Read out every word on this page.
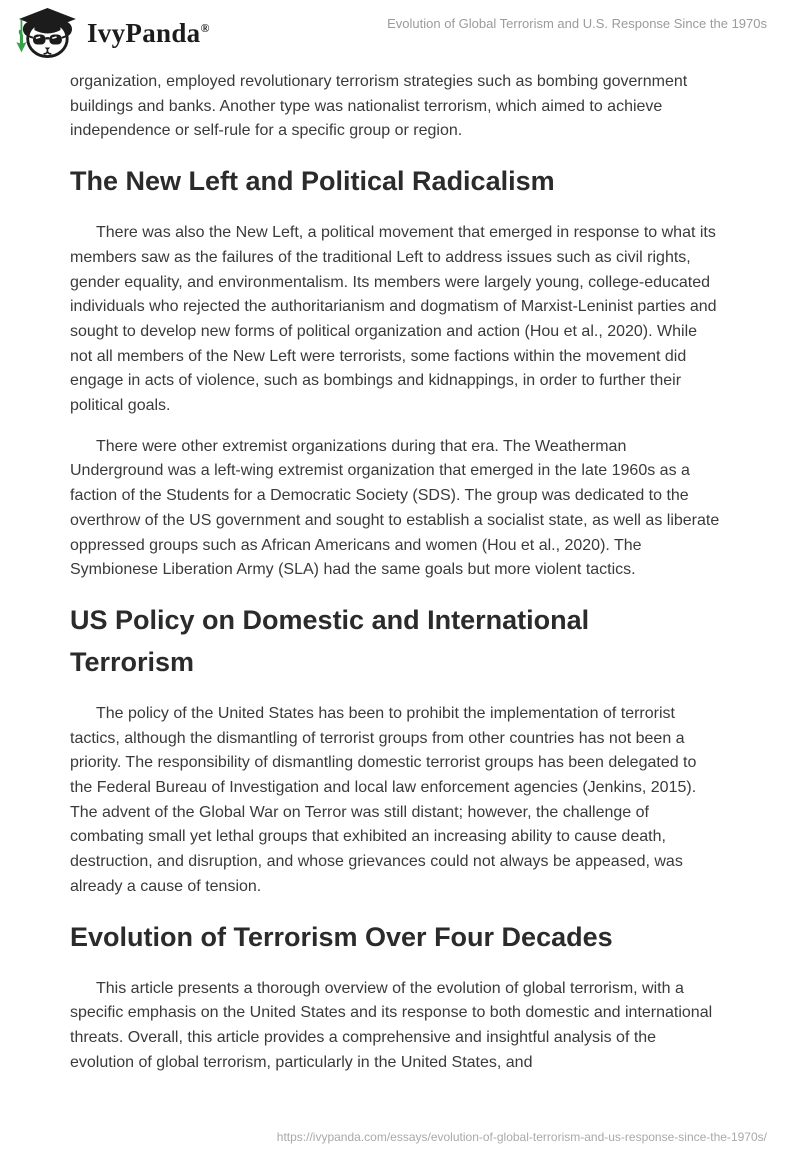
IvyPanda®	Evolution of Global Terrorism and U.S. Response Since the 1970s

organization, employed revolutionary terrorism strategies such as bombing government buildings and banks. Another type was nationalist terrorism, which aimed to achieve independence or self-rule for a specific group or region.

The New Left and Political Radicalism

There was also the New Left, a political movement that emerged in response to what its members saw as the failures of the traditional Left to address issues such as civil rights, gender equality, and environmentalism. Its members were largely young, college-educated individuals who rejected the authoritarianism and dogmatism of Marxist-Leninist parties and sought to develop new forms of political organization and action (Hou et al., 2020). While not all members of the New Left were terrorists, some factions within the movement did engage in acts of violence, such as bombings and kidnappings, in order to further their political goals.

There were other extremist organizations during that era. The Weatherman Underground was a left-wing extremist organization that emerged in the late 1960s as a faction of the Students for a Democratic Society (SDS). The group was dedicated to the overthrow of the US government and sought to establish a socialist state, as well as liberate oppressed groups such as African Americans and women (Hou et al., 2020). The Symbionese Liberation Army (SLA) had the same goals but more violent tactics.

US Policy on Domestic and International Terrorism

The policy of the United States has been to prohibit the implementation of terrorist tactics, although the dismantling of terrorist groups from other countries has not been a priority. The responsibility of dismantling domestic terrorist groups has been delegated to the Federal Bureau of Investigation and local law enforcement agencies (Jenkins, 2015). The advent of the Global War on Terror was still distant; however, the challenge of combating small yet lethal groups that exhibited an increasing ability to cause death, destruction, and disruption, and whose grievances could not always be appeased, was already a cause of tension.

Evolution of Terrorism Over Four Decades

This article presents a thorough overview of the evolution of global terrorism, with a specific emphasis on the United States and its response to both domestic and international threats. Overall, this article provides a comprehensive and insightful analysis of the evolution of global terrorism, particularly in the United States, and

https://ivypanda.com/essays/evolution-of-global-terrorism-and-us-response-since-the-1970s/
